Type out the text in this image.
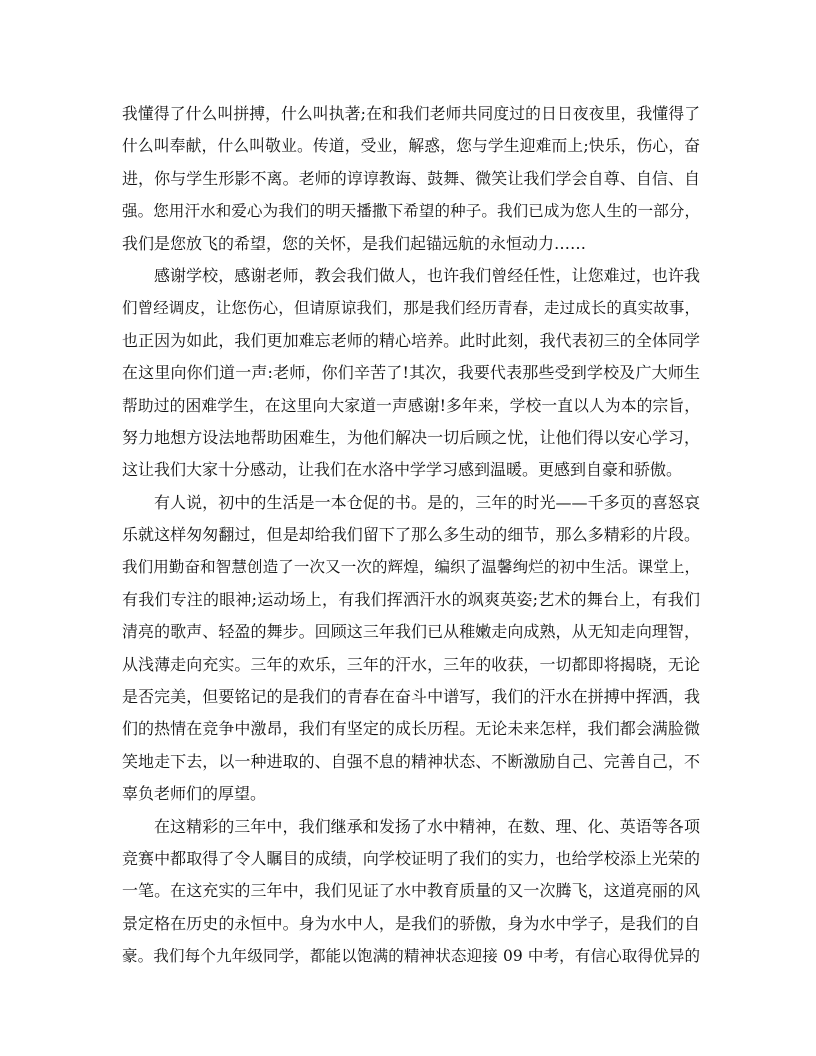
我懂得了什么叫拼搏，什么叫执著;在和我们老师共同度过的日日夜夜里，我懂得了
什么叫奉献，什么叫敬业。传道，受业，解惑，您与学生迎难而上;快乐，伤心，奋
进，你与学生形影不离。老师的谆谆教诲、鼓舞、微笑让我们学会自尊、自信、自
强。您用汗水和爱心为我们的明天播撒下希望的种子。我们已成为您人生的一部分，
我们是您放飞的希望，您的关怀，是我们起锚远航的永恒动力……
感谢学校，感谢老师，教会我们做人，也许我们曾经任性，让您难过，也许我
们曾经调皮，让您伤心，但请原谅我们，那是我们经历青春，走过成长的真实故事，
也正因为如此，我们更加难忘老师的精心培养。此时此刻，我代表初三的全体同学
在这里向你们道一声:老师，你们辛苦了!其次，我要代表那些受到学校及广大师生
帮助过的困难学生，在这里向大家道一声感谢!多年来，学校一直以人为本的宗旨，
努力地想方设法地帮助困难生，为他们解决一切后顾之忧，让他们得以安心学习，
这让我们大家十分感动，让我们在水洛中学学习感到温暖。更感到自豪和骄傲。
有人说，初中的生活是一本仓促的书。是的，三年的时光——千多页的喜怒哀
乐就这样匆匆翻过，但是却给我们留下了那么多生动的细节，那么多精彩的片段。
我们用勤奋和智慧创造了一次又一次的辉煌，编织了温馨绚烂的初中生活。课堂上，
有我们专注的眼神;运动场上，有我们挥洒汗水的飒爽英姿;艺术的舞台上，有我们
清亮的歌声、轻盈的舞步。回顾这三年我们已从稚嫩走向成熟，从无知走向理智，
从浅薄走向充实。三年的欢乐，三年的汗水，三年的收获，一切都即将揭晓，无论
是否完美，但要铭记的是我们的青春在奋斗中谱写，我们的汗水在拼搏中挥洒，我
们的热情在竞争中激昂，我们有坚定的成长历程。无论未来怎样，我们都会满脸微
笑地走下去，以一种进取的、自强不息的精神状态、不断激励自己、完善自己，不
辜负老师们的厚望。
在这精彩的三年中，我们继承和发扬了水中精神，在数、理、化、英语等各项
竞赛中都取得了令人瞩目的成绩，向学校证明了我们的实力，也给学校添上光荣的
一笔。在这充实的三年中，我们见证了水中教育质量的又一次腾飞，这道亮丽的风
景定格在历史的永恒中。身为水中人，是我们的骄傲，身为水中学子，是我们的自
豪。我们每个九年级同学，都能以饱满的精神状态迎接 09 中考，有信心取得优异的
